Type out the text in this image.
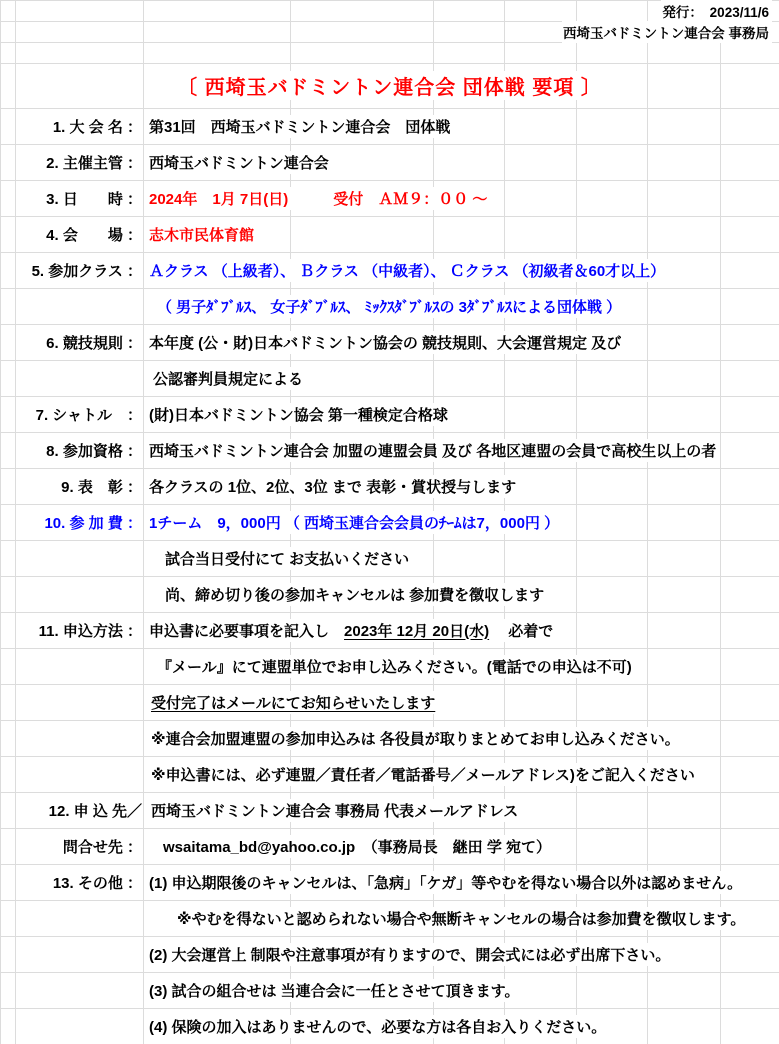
発行：　2023/11/6
西埼玉バドミントン連合会 事務局
〔 西埼玉バドミントン連合会 団体戦 要項 〕
1. 大 会 名 ： 第31回　西埼玉バドミントン連合会　団体戦
2. 主催主管 ： 西埼玉バドミントン連合会
3. 日　　時 ： 2024年　1月 7日(日)　　　受付　ＡＭ９：００ ～
4. 会　　場 ： 志木市民体育館
5. 参加クラス ： Ａクラス （上級者）、 Ｂクラス （中級者）、 Ｃクラス （初級者＆60才以上）
（ 男子ﾀﾞﾌﾞﾙｽ、 女子ﾀﾞﾌﾞﾙｽ、 ﾐｯｸｽﾀﾞﾌﾞﾙｽの 3ﾀﾞﾌﾞﾙｽによる団体戦 ）
6. 競技規則 ： 本年度 (公・財)日本バドミントン協会の 競技規則、大会運営規定 及び
公認審判員規定による
7. シャトル　： (財)日本バドミントン協会 第一種検定合格球
8. 参加資格 ： 西埼玉バドミントン連合会 加盟の連盟会員 及び 各地区連盟の会員で高校生以上の者
9. 表　彰 ： 各クラスの 1位、2位、3位 まで 表彰・賞状授与します
10. 参 加 費 ： 1チーム　9，000円 （ 西埼玉連合会会員のﾁｰﾑは7，000円 ）
試合当日受付にて お支払いください
尚、締め切り後の参加キャンセルは 参加費を徴収します
11. 申込方法 ： 申込書に必要事項を記入し　2023年 12月 20日(水)　 必着で
『メール』にて連盟単位でお申し込みください。(電話での申込は不可)
受付完了はメールにてお知らせいたします
※連合会加盟連盟の参加申込みは 各役員が取りまとめてお申し込みください。
※申込書には、必ず連盟／責任者／電話番号／メールアドレス)をご記入ください
12. 申 込 先／ 西埼玉バドミントン連合会 事務局 代表メールアドレス
問合せ先 ：	wsaitama_bd@yahoo.co.jp　（事務局長　継田 学 宛て）
13. その他 ： (1) 申込期限後のキャンセルは、「急病」「ケガ」等やむを得ない場合以外は認めません。
※やむを得ないと認められない場合や無断キャンセルの場合は参加費を徴収します。
(2) 大会運営上 制限や注意事項が有りますので、開会式には必ず出席下さい。
(3) 試合の組合せは 当連合会に一任とさせて頂きます。
(4) 保険の加入はありませんので、必要な方は各自お入りください。
